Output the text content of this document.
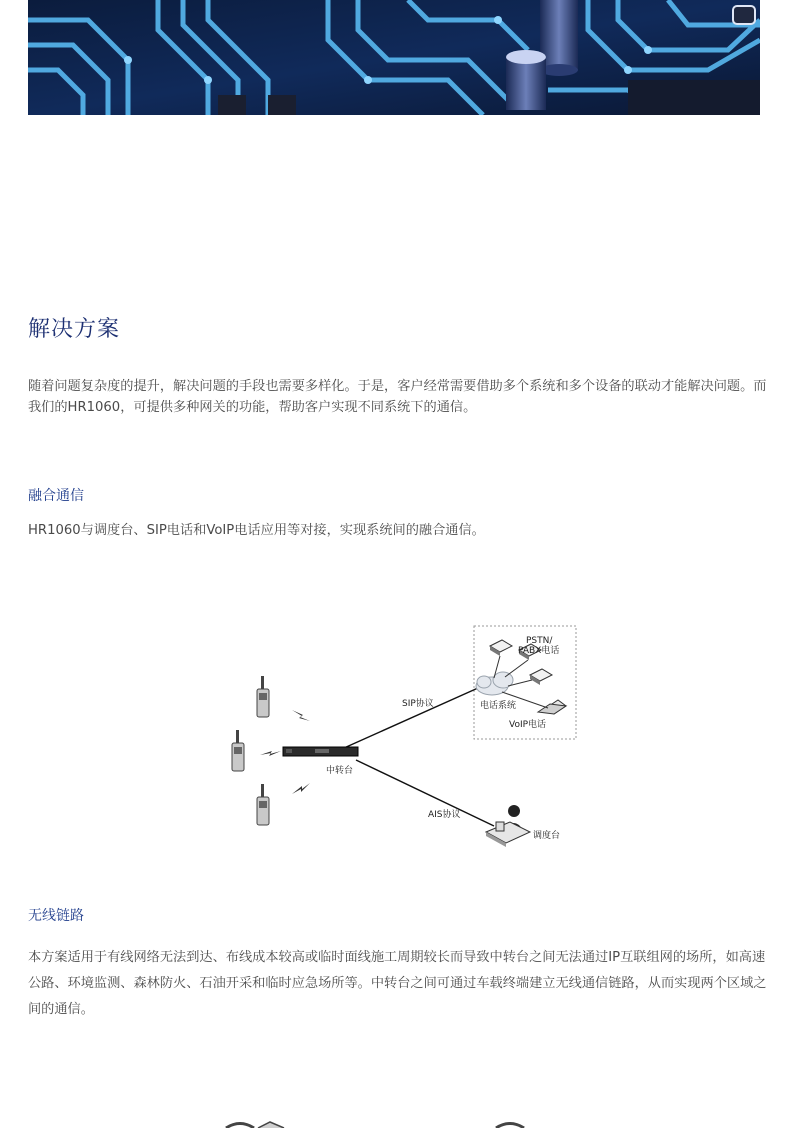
解决方案

随着问题复杂度的提升，解决问题的手段也需要多样化。于是，客户经常需要借助多个系统和多个设备的联动才能解决问题。而我们的HR1060，可提供多种网关的功能，帮助客户实现不同系统下的通信。

融合通信

HR1060与调度台、SIP电话和VoIP电话应用等对接，实现系统间的融合通信。

PSTN/
PABX电话
SIP协议	电话系统
VoIP电话
中转台
AIS协议
调度台
无线链路

本方案适用于有线网络无法到达、布线成本较高或临时面线施工周期较长而导致中转台之间无法通过IP互联组网的场所，如高速公路、环境监测、森林防火、石油开采和临时应急场所等。中转台之间可通过车载终端建立无线通信链路，从而实现两个区域之间的通信。
